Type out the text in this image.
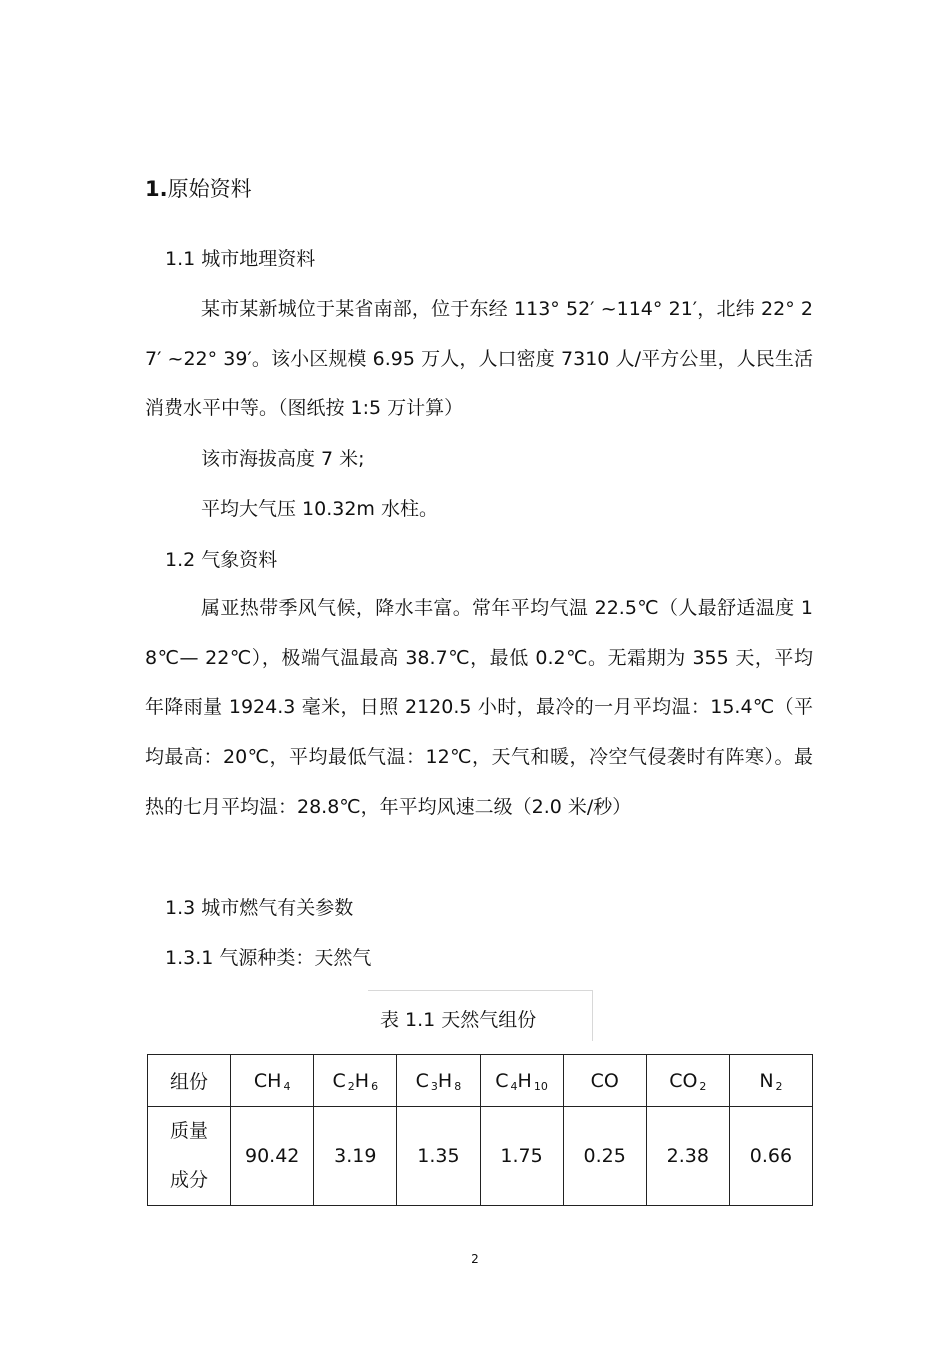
1.原始资料
1.1 城市地理资料
某市某新城位于某省南部，位于东经 113° 52′ ~114° 21′，北纬 22° 27′ ~22° 39′。该小区规模 6.95 万人，人口密度 7310 人/平方公里，人民生活消费水平中等。（图纸按 1:5 万计算）
该市海拔高度 7 米;
平均大气压 10.32m 水柱。
1.2 气象资料
属亚热带季风气候，降水丰富。常年平均气温 22.5℃（人最舒适温度 18℃— 22℃），极端气温最高 38.7℃，最低 0.2℃。无霜期为 355 天，平均年降雨量 1924.3 毫米，日照 2120.5 小时，最冷的一月平均温：15.4℃（平均最高：20℃，平均最低气温：12℃，天气和暖，冷空气侵袭时有阵寒）。最热的七月平均温：28.8℃，年平均风速二级（2.0 米/秒）
1.3 城市燃气有关参数
1.3.1 气源种类：天然气
表 1.1 天然气组份
组份	CH 4	C 2H 6	C 3H 8	C 4H 10	CO	CO 2	N 2

质量
成分	90.42	3.19	1.35	1.75	0.25	2.38	0.66
2
